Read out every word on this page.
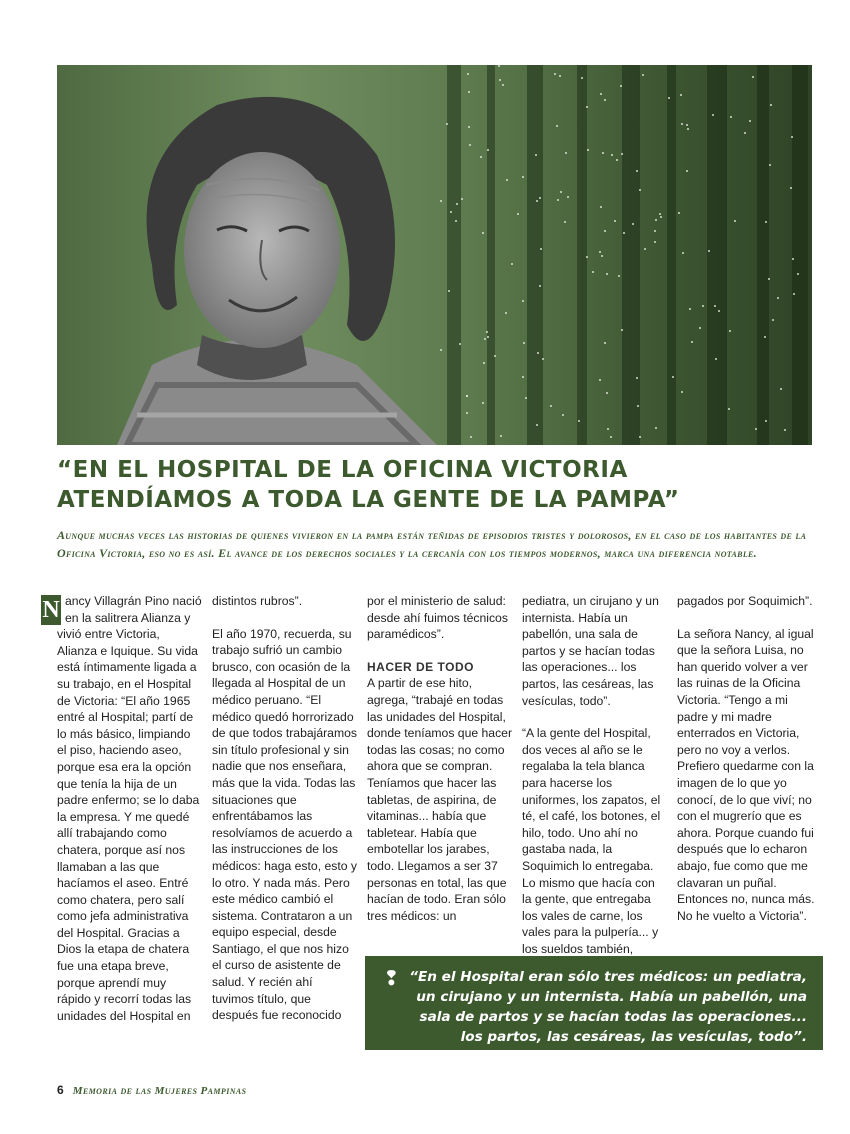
“EN EL HOSPITAL DE LA OFICINA VICTORIA
ATENDÍAMOS A TODA LA GENTE DE LA PAMPA”

Aunque muchas veces las historias de quienes vivieron en la pampa están teñidas de episodios tristes y dolorosos, en el caso de los habitantes de la Oficina Victoria, eso no es así. El avance de los derechos sociales y la cercanía con los tiempos modernos, marca una diferencia notable.

N ancy Villagrán Pino nació en la salitrera Alianza y vivió entre Victoria, Alianza e Iquique. Su vida está íntimamente ligada a su trabajo, en el Hospital de Victoria: “El año 1965 entré al Hospital; partí de lo más básico, limpiando el piso, haciendo aseo, porque esa era la opción que tenía la hija de un padre enfermo; se lo daba la empresa. Y me quedé allí trabajando como chatera, porque así nos llamaban a las que hacíamos el aseo. Entré como chatera, pero salí como jefa administrativa del Hospital. Gracias a Dios la etapa de chatera fue una etapa breve, porque aprendí muy rápido y recorrí todas las unidades del Hospital en

distintos rubros”.

El año 1970, recuerda, su trabajo sufrió un cambio brusco, con ocasión de la llegada al Hospital de un médico peruano. “El médico quedó horrorizado de que todos trabajáramos sin título profesional y sin nadie que nos enseñara, más que la vida. Todas las situaciones que enfrentábamos las resolvíamos de acuerdo a las instrucciones de los médicos: haga esto, esto y lo otro. Y nada más. Pero este médico cambió el sistema. Contrataron a un equipo especial, desde Santiago, el que nos hizo el curso de asistente de salud. Y recién ahí tuvimos título, que después fue reconocido

por el ministerio de salud: desde ahí fuimos técnicos paramédicos”.

HACER DE TODO

A partir de ese hito, agrega, “trabajé en todas las unidades del Hospital, donde teníamos que hacer todas las cosas; no como ahora que se compran. Teníamos que hacer las tabletas, de aspirina, de vitaminas... había que tabletear. Había que embotellar los jarabes, todo. Llegamos a ser 37 personas en total, las que hacían de todo. Eran sólo tres médicos: un

pediatra, un cirujano y un internista. Había un pabellón, una sala de partos y se hacían todas las operaciones... los partos, las cesáreas, las vesículas, todo”.

“A la gente del Hospital, dos veces al año se le regalaba la tela blanca para hacerse los uniformes, los zapatos, el té, el café, los botones, el hilo, todo. Uno ahí no gastaba nada, la Soquimich lo entregaba. Lo mismo que hacía con la gente, que entregaba los vales de carne, los vales para la pulpería... y los sueldos también,

pagados por Soquimich”.

La señora Nancy, al igual que la señora Luisa, no han querido volver a ver las ruinas de la Oficina Victoria. “Tengo a mi padre y mi madre enterrados en Victoria, pero no voy a verlos. Prefiero quedarme con la imagen de lo que yo conocí, de lo que viví; no con el mugrerío que es ahora. Porque cuando fui después que lo echaron abajo, fue como que me clavaran un puñal. Entonces no, nunca más. No he vuelto a Victoria”.

❢ “En el Hospital eran sólo tres médicos: un pediatra, un cirujano y un internista. Había un pabellón, una sala de partos y se hacían todas las operaciones... los partos, las cesáreas, las vesículas, todo”.

6 Memoria de las Mujeres Pampinas
